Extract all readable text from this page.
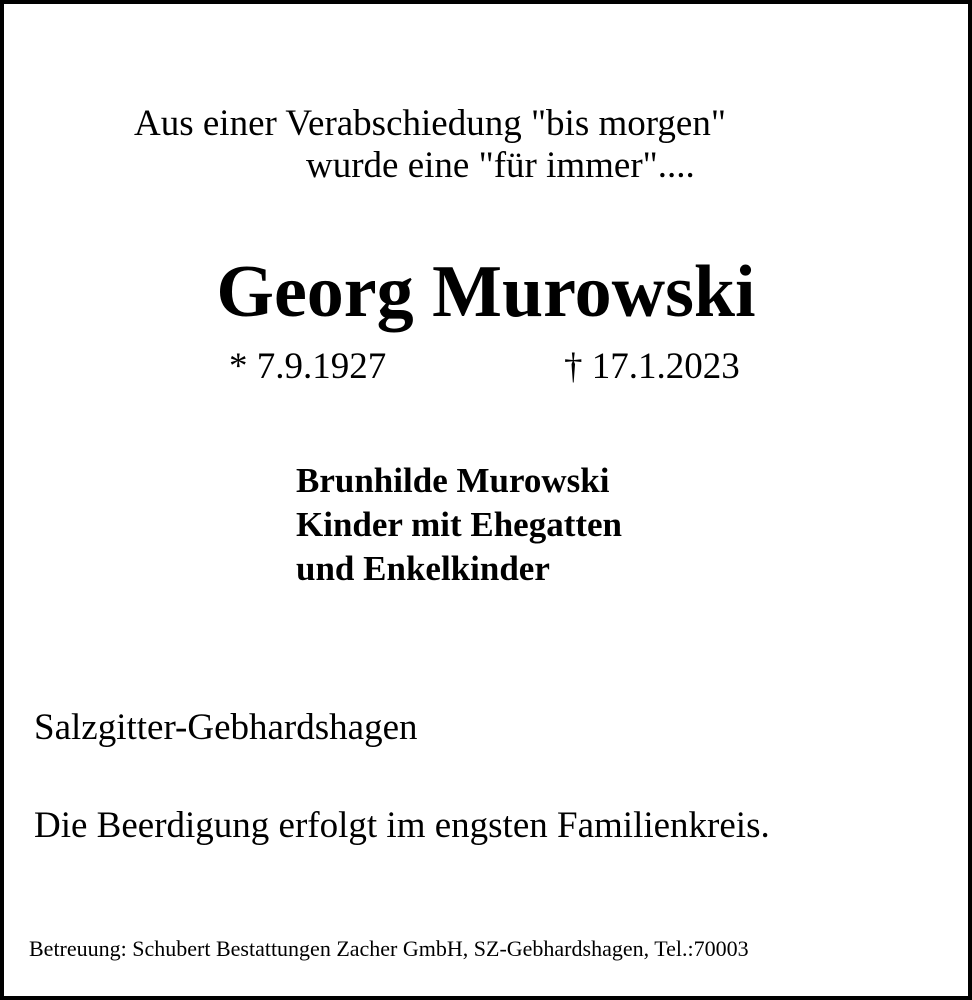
Aus einer Verabschiedung "bis morgen"
wurde eine "für immer"....
Georg Murowski
* 7.9.1927	† 17.1.2023
Brunhilde Murowski
Kinder mit Ehegatten
und Enkelkinder
Salzgitter-Gebhardshagen
Die Beerdigung erfolgt im engsten Familienkreis.
Betreuung: Schubert Bestattungen Zacher GmbH, SZ-Gebhardshagen, Tel.:70003
